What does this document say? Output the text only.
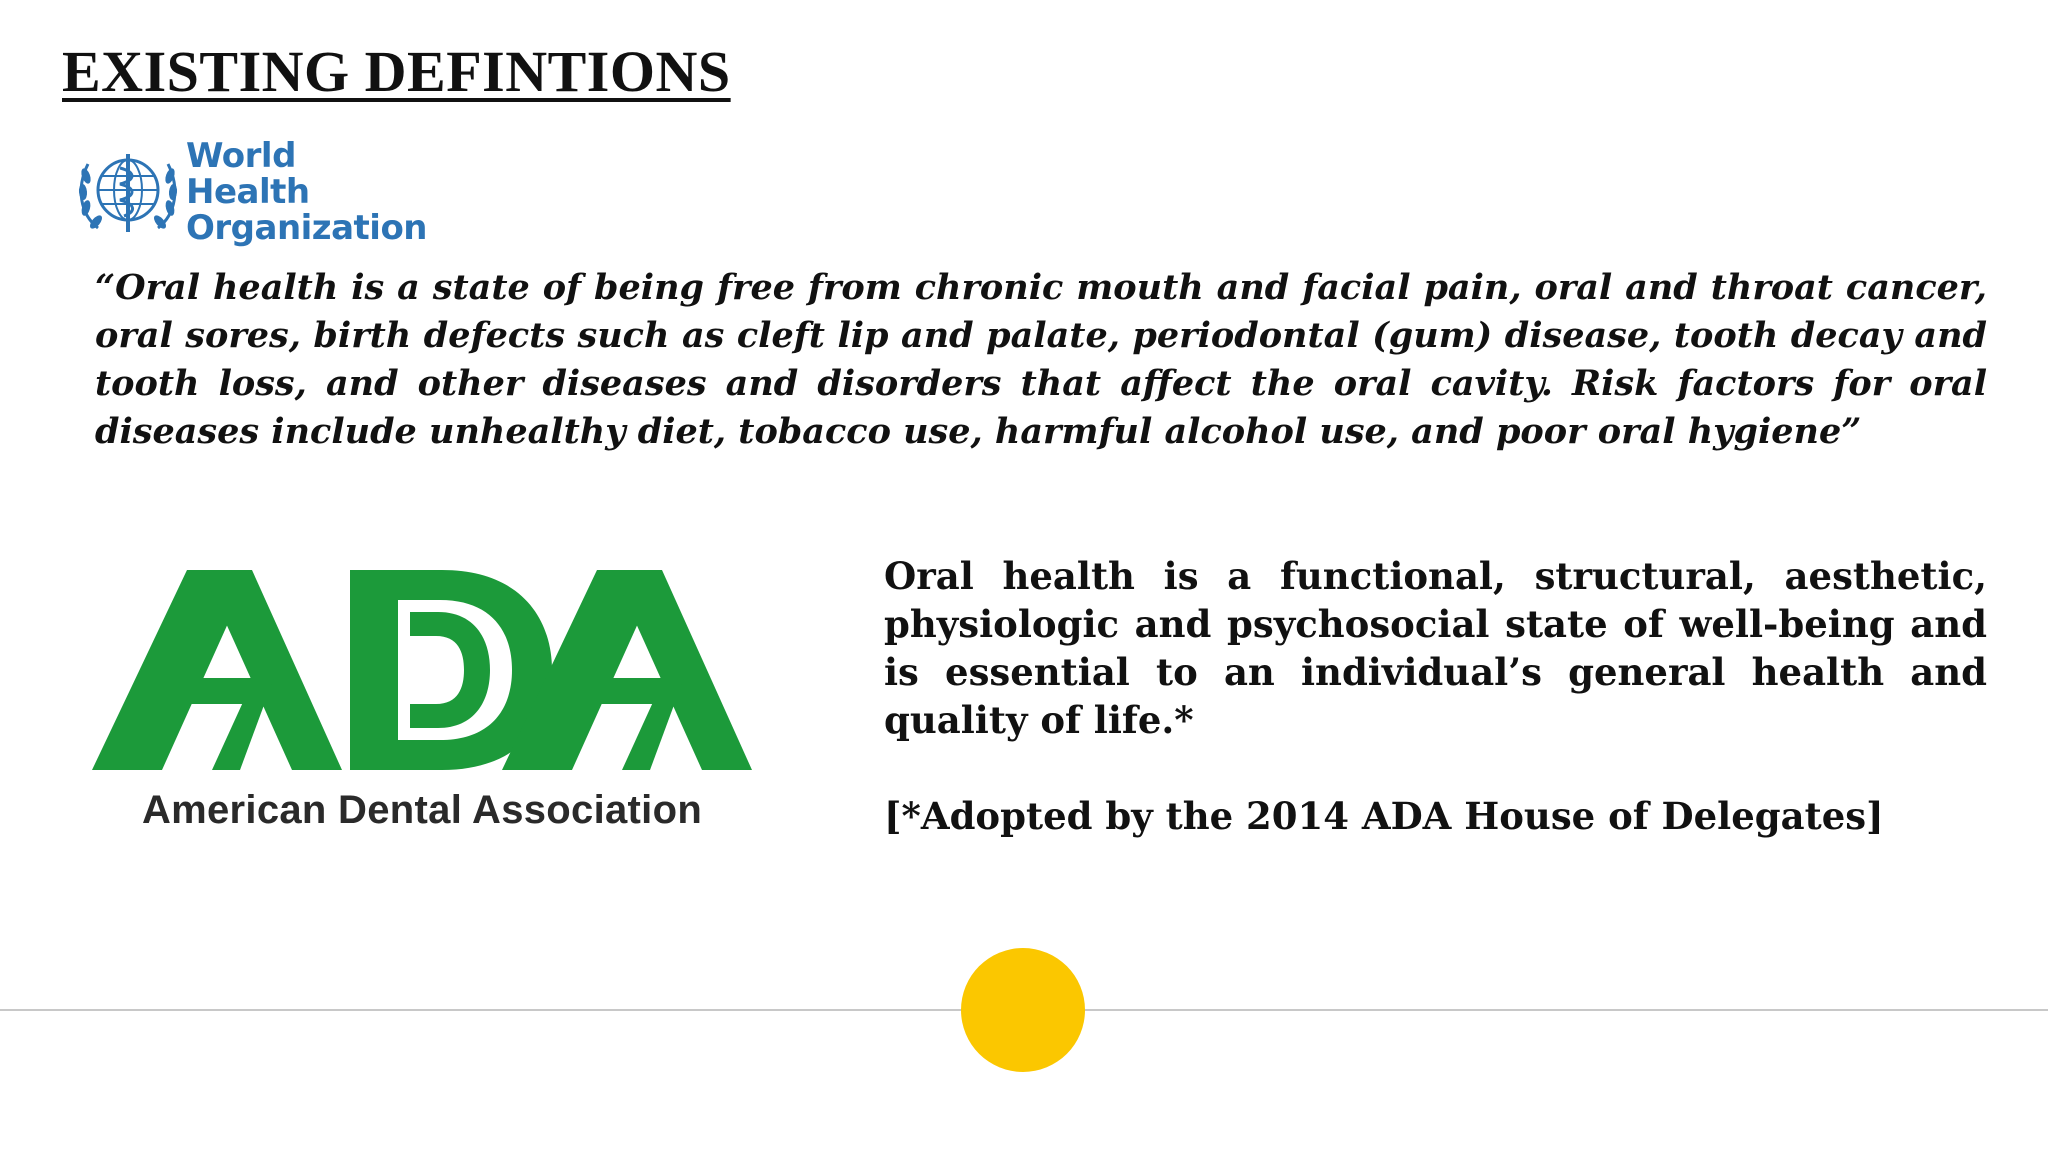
EXISTING DEFINTIONS
World Health
Organization

“Oral health is a state of being free from chronic mouth and facial pain, oral and throat cancer, oral sores, birth defects such as cleft lip and palate, periodontal (gum) disease, tooth decay and tooth loss, and other diseases and disorders that affect the oral cavity. Risk factors for oral diseases include unhealthy diet, tobacco use, harmful alcohol use, and poor oral hygiene”

American Dental Association

Oral health is a functional, structural, aesthetic, physiologic and psychosocial state of well-being and is essential to an individual’s general health and quality of life.*

[*Adopted by the 2014 ADA House of Delegates]
